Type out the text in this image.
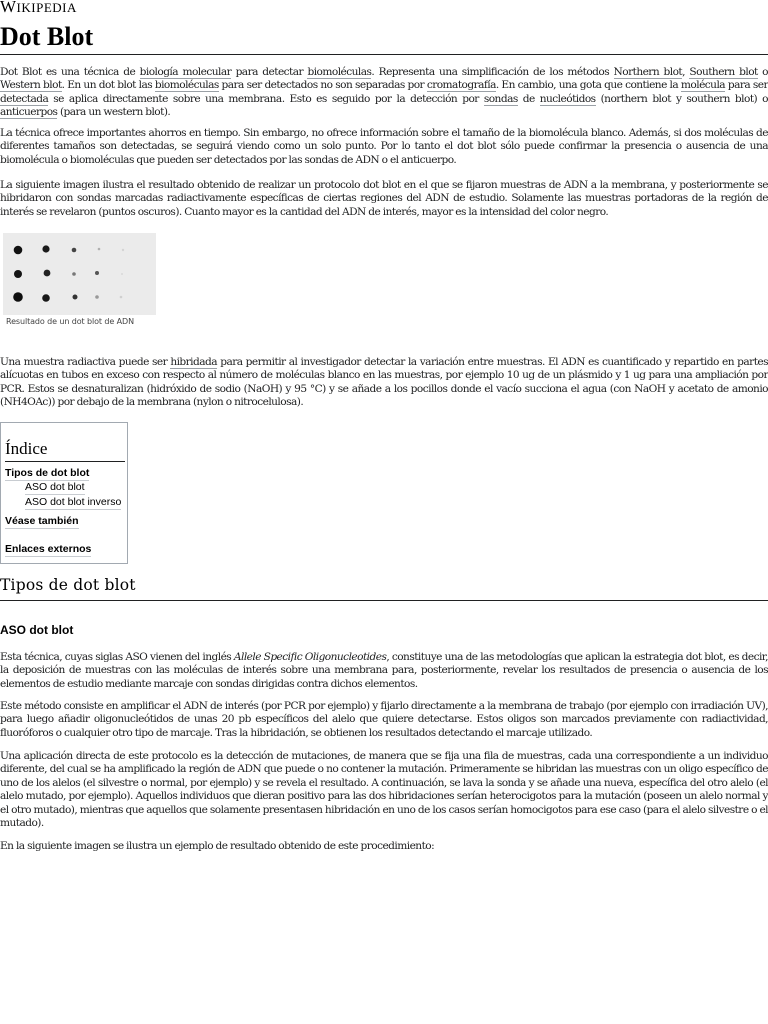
WIKIPEDIA
Dot Blot

Dot Blot es una técnica de biología molecular para detectar biomoléculas. Representa una simplificación de los métodos Northern blot, Southern blot o Western blot. En un dot blot las biomoléculas para ser detectados no son separadas por cromatografía. En cambio, una gota que contiene la molécula para ser detectada se aplica directamente sobre una membrana. Esto es seguido por la detección por sondas de nucleótidos (northern blot y southern blot) o anticuerpos (para un western blot).

La técnica ofrece importantes ahorros en tiempo. Sin embargo, no ofrece información sobre el tamaño de la biomolécula blanco. Además, si dos moléculas de diferentes tamaños son detectadas, se seguirá viendo como un solo punto. Por lo tanto el dot blot sólo puede confirmar la presencia o ausencia de una biomolécula o biomoléculas que pueden ser detectados por las sondas de ADN o el anticuerpo.

La siguiente imagen ilustra el resultado obtenido de realizar un protocolo dot blot en el que se fijaron muestras de ADN a la membrana, y posteriormente se hibridaron con sondas marcadas radiactivamente específicas de ciertas regiones del ADN de estudio. Solamente las muestras portadoras de la región de interés se revelaron (puntos oscuros). Cuanto mayor es la cantidad del ADN de interés, mayor es la intensidad del color negro.

Resultado de un dot blot de ADN

Una muestra radiactiva puede ser hibridada para permitir al investigador detectar la variación entre muestras. El ADN es cuantificado y repartido en partes alícuotas en tubos en exceso con respecto al número de moléculas blanco en las muestras, por ejemplo 10 ug de un plásmido y 1 ug para una ampliación por PCR. Estos se desnaturalizan (hidróxido de sodio (NaOH) y 95 °C) y se añade a los pocillos donde el vacío succiona el agua (con NaOH y acetato de amonio (NH4OAc)) por debajo de la membrana (nylon o nitrocelulosa).

Índice
Tipos de dot blot
ASO dot blot
ASO dot blot inverso
Véase también
Enlaces externos
Tipos de dot blot
ASO dot blot

Esta técnica, cuyas siglas ASO vienen del inglés Allele Specific Oligonucleotides, constituye una de las metodologías que aplican la estrategia dot blot, es decir, la deposición de muestras con las moléculas de interés sobre una membrana para, posteriormente, revelar los resultados de presencia o ausencia de los elementos de estudio mediante marcaje con sondas dirigidas contra dichos elementos.

Este método consiste en amplificar el ADN de interés (por PCR por ejemplo) y fijarlo directamente a la membrana de trabajo (por ejemplo con irradiación UV), para luego añadir oligonucleótidos de unas 20 pb específicos del alelo que quiere detectarse. Estos oligos son marcados previamente con radiactividad, fluoróforos o cualquier otro tipo de marcaje. Tras la hibridación, se obtienen los resultados detectando el marcaje utilizado.

Una aplicación directa de este protocolo es la detección de mutaciones, de manera que se fija una fila de muestras, cada una correspondiente a un individuo diferente, del cual se ha amplificado la región de ADN que puede o no contener la mutación. Primeramente se hibridan las muestras con un oligo específico de uno de los alelos (el silvestre o normal, por ejemplo) y se revela el resultado. A continuación, se lava la sonda y se añade una nueva, específica del otro alelo (el alelo mutado, por ejemplo). Aquellos individuos que dieran positivo para las dos hibridaciones serían heterocigotos para la mutación (poseen un alelo normal y el otro mutado), mientras que aquellos que solamente presentasen hibridación en uno de los casos serían homocigotos para ese caso (para el alelo silvestre o el mutado).

En la siguiente imagen se ilustra un ejemplo de resultado obtenido de este procedimiento:
